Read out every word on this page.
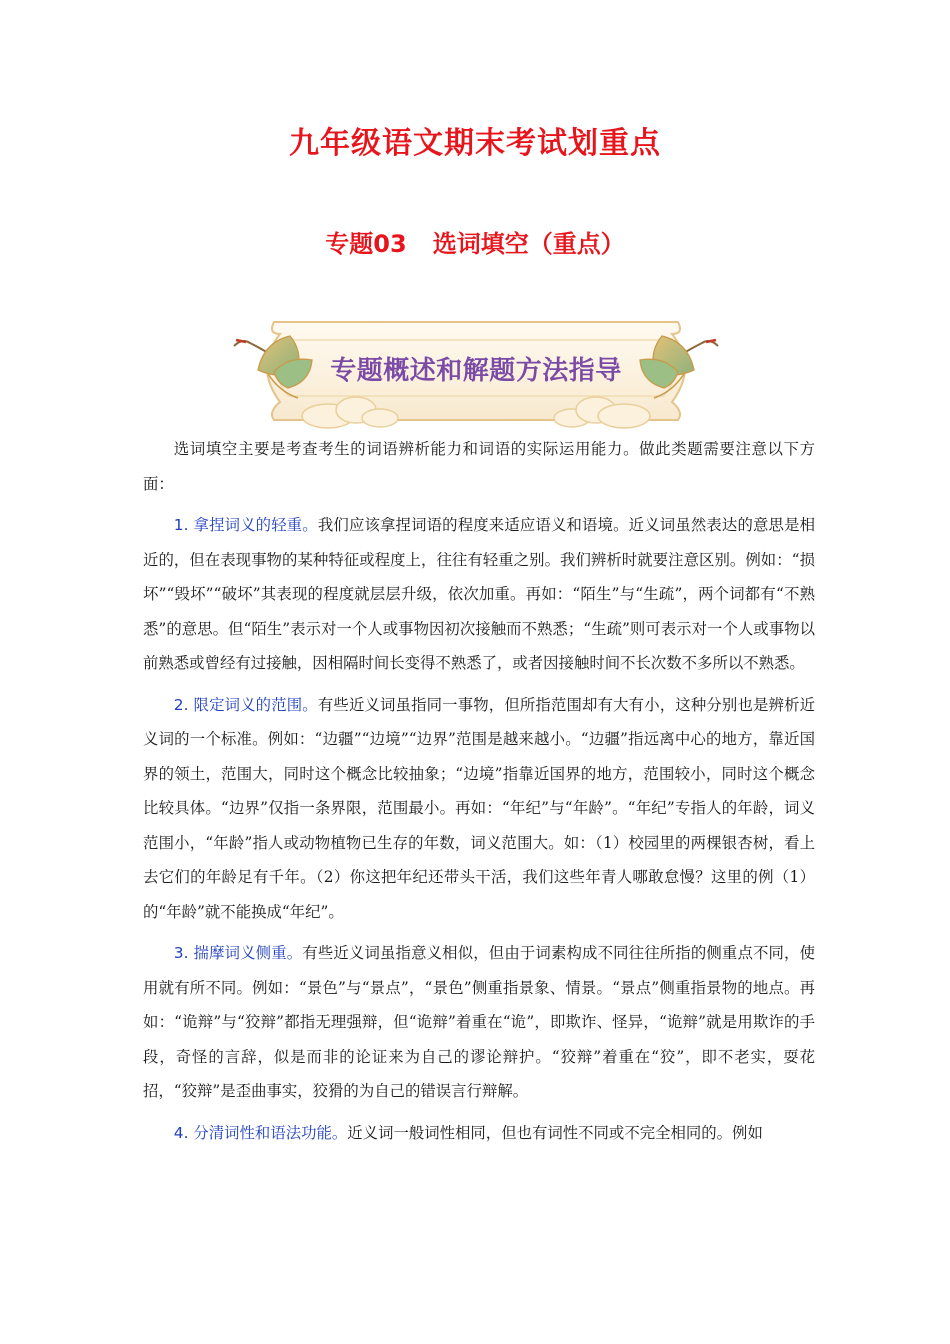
九年级语文期末考试划重点
专题03 选词填空（重点）
专题概述和解题方法指导

选词填空主要是考查考生的词语辨析能力和词语的实际运用能力。做此类题需要注意以下方面：

1. 拿捏词义的轻重。我们应该拿捏词语的程度来适应语义和语境。近义词虽然表达的意思是相近的，但在表现事物的某种特征或程度上，往往有轻重之别。我们辨析时就要注意区别。例如：“损坏”“毁坏”“破坏”其表现的程度就层层升级，依次加重。再如：“陌生”与“生疏”，两个词都有“不熟悉”的意思。但“陌生”表示对一个人或事物因初次接触而不熟悉；“生疏”则可表示对一个人或事物以前熟悉或曾经有过接触，因相隔时间长变得不熟悉了，或者因接触时间不长次数不多所以不熟悉。

2. 限定词义的范围。有些近义词虽指同一事物，但所指范围却有大有小，这种分别也是辨析近义词的一个标准。例如：“边疆”“边境”“边界”范围是越来越小。“边疆”指远离中心的地方，靠近国界的领土，范围大，同时这个概念比较抽象；“边境”指靠近国界的地方，范围较小，同时这个概念比较具体。“边界”仅指一条界限，范围最小。再如：“年纪”与“年龄”。“年纪”专指人的年龄，词义范围小，“年龄”指人或动物植物已生存的年数，词义范围大。如：（1）校园里的两棵银杏树，看上去它们的年龄足有千年。（2）你这把年纪还带头干活，我们这些年青人哪敢怠慢？这里的例（1）的“年龄”就不能换成“年纪”。

3. 揣摩词义侧重。有些近义词虽指意义相似，但由于词素构成不同往往所指的侧重点不同，使用就有所不同。例如：“景色”与“景点”，“景色”侧重指景象、情景。“景点”侧重指景物的地点。再如：“诡辩”与“狡辩”都指无理强辩，但“诡辩”着重在“诡”，即欺诈、怪异，“诡辩”就是用欺诈的手段，奇怪的言辞，似是而非的论证来为自己的谬论辩护。“狡辩”着重在“狡”，即不老实，耍花招，“狡辩”是歪曲事实，狡猾的为自己的错误言行辩解。

4. 分清词性和语法功能。近义词一般词性相同，但也有词性不同或不完全相同的。例如
